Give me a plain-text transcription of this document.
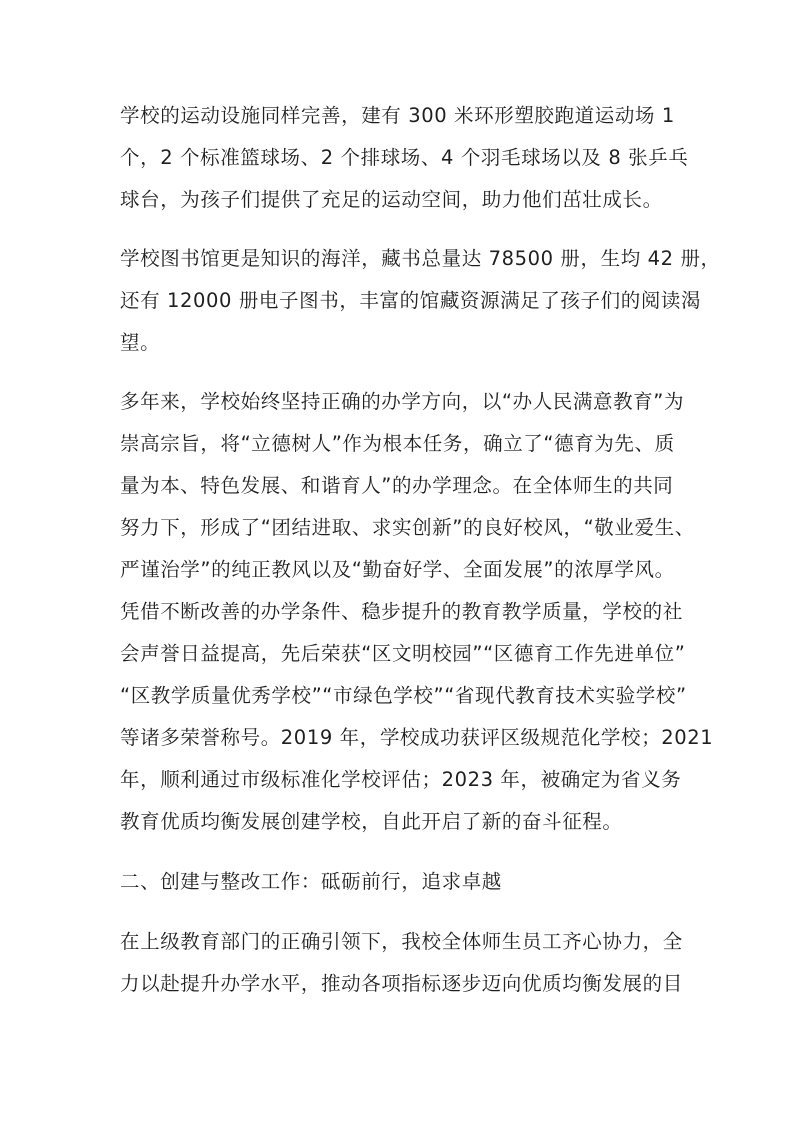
学校的运动设施同样完善，建有 300 米环形塑胶跑道运动场 1
个，2 个标准篮球场、2 个排球场、4 个羽毛球场以及 8 张乒乓
球台，为孩子们提供了充足的运动空间，助力他们茁壮成长。
学校图书馆更是知识的海洋，藏书总量达 78500 册，生均 42 册，
还有 12000 册电子图书，丰富的馆藏资源满足了孩子们的阅读渴
望。
多年来，学校始终坚持正确的办学方向，以“办人民满意教育”为
崇高宗旨，将“立德树人”作为根本任务，确立了“德育为先、质
量为本、特色发展、和谐育人”的办学理念。在全体师生的共同
努力下，形成了“团结进取、求实创新”的良好校风，“敬业爱生、
严谨治学”的纯正教风以及“勤奋好学、全面发展”的浓厚学风。
凭借不断改善的办学条件、稳步提升的教育教学质量，学校的社
会声誉日益提高，先后荣获“区文明校园”“区德育工作先进单位”
“区教学质量优秀学校”“市绿色学校”“省现代教育技术实验学校”
等诸多荣誉称号。2019 年，学校成功获评区级规范化学校；2021
年，顺利通过市级标准化学校评估；2023 年，被确定为省义务
教育优质均衡发展创建学校，自此开启了新的奋斗征程。
二、创建与整改工作：砥砺前行，追求卓越
在上级教育部门的正确引领下，我校全体师生员工齐心协力，全
力以赴提升办学水平，推动各项指标逐步迈向优质均衡发展的目
